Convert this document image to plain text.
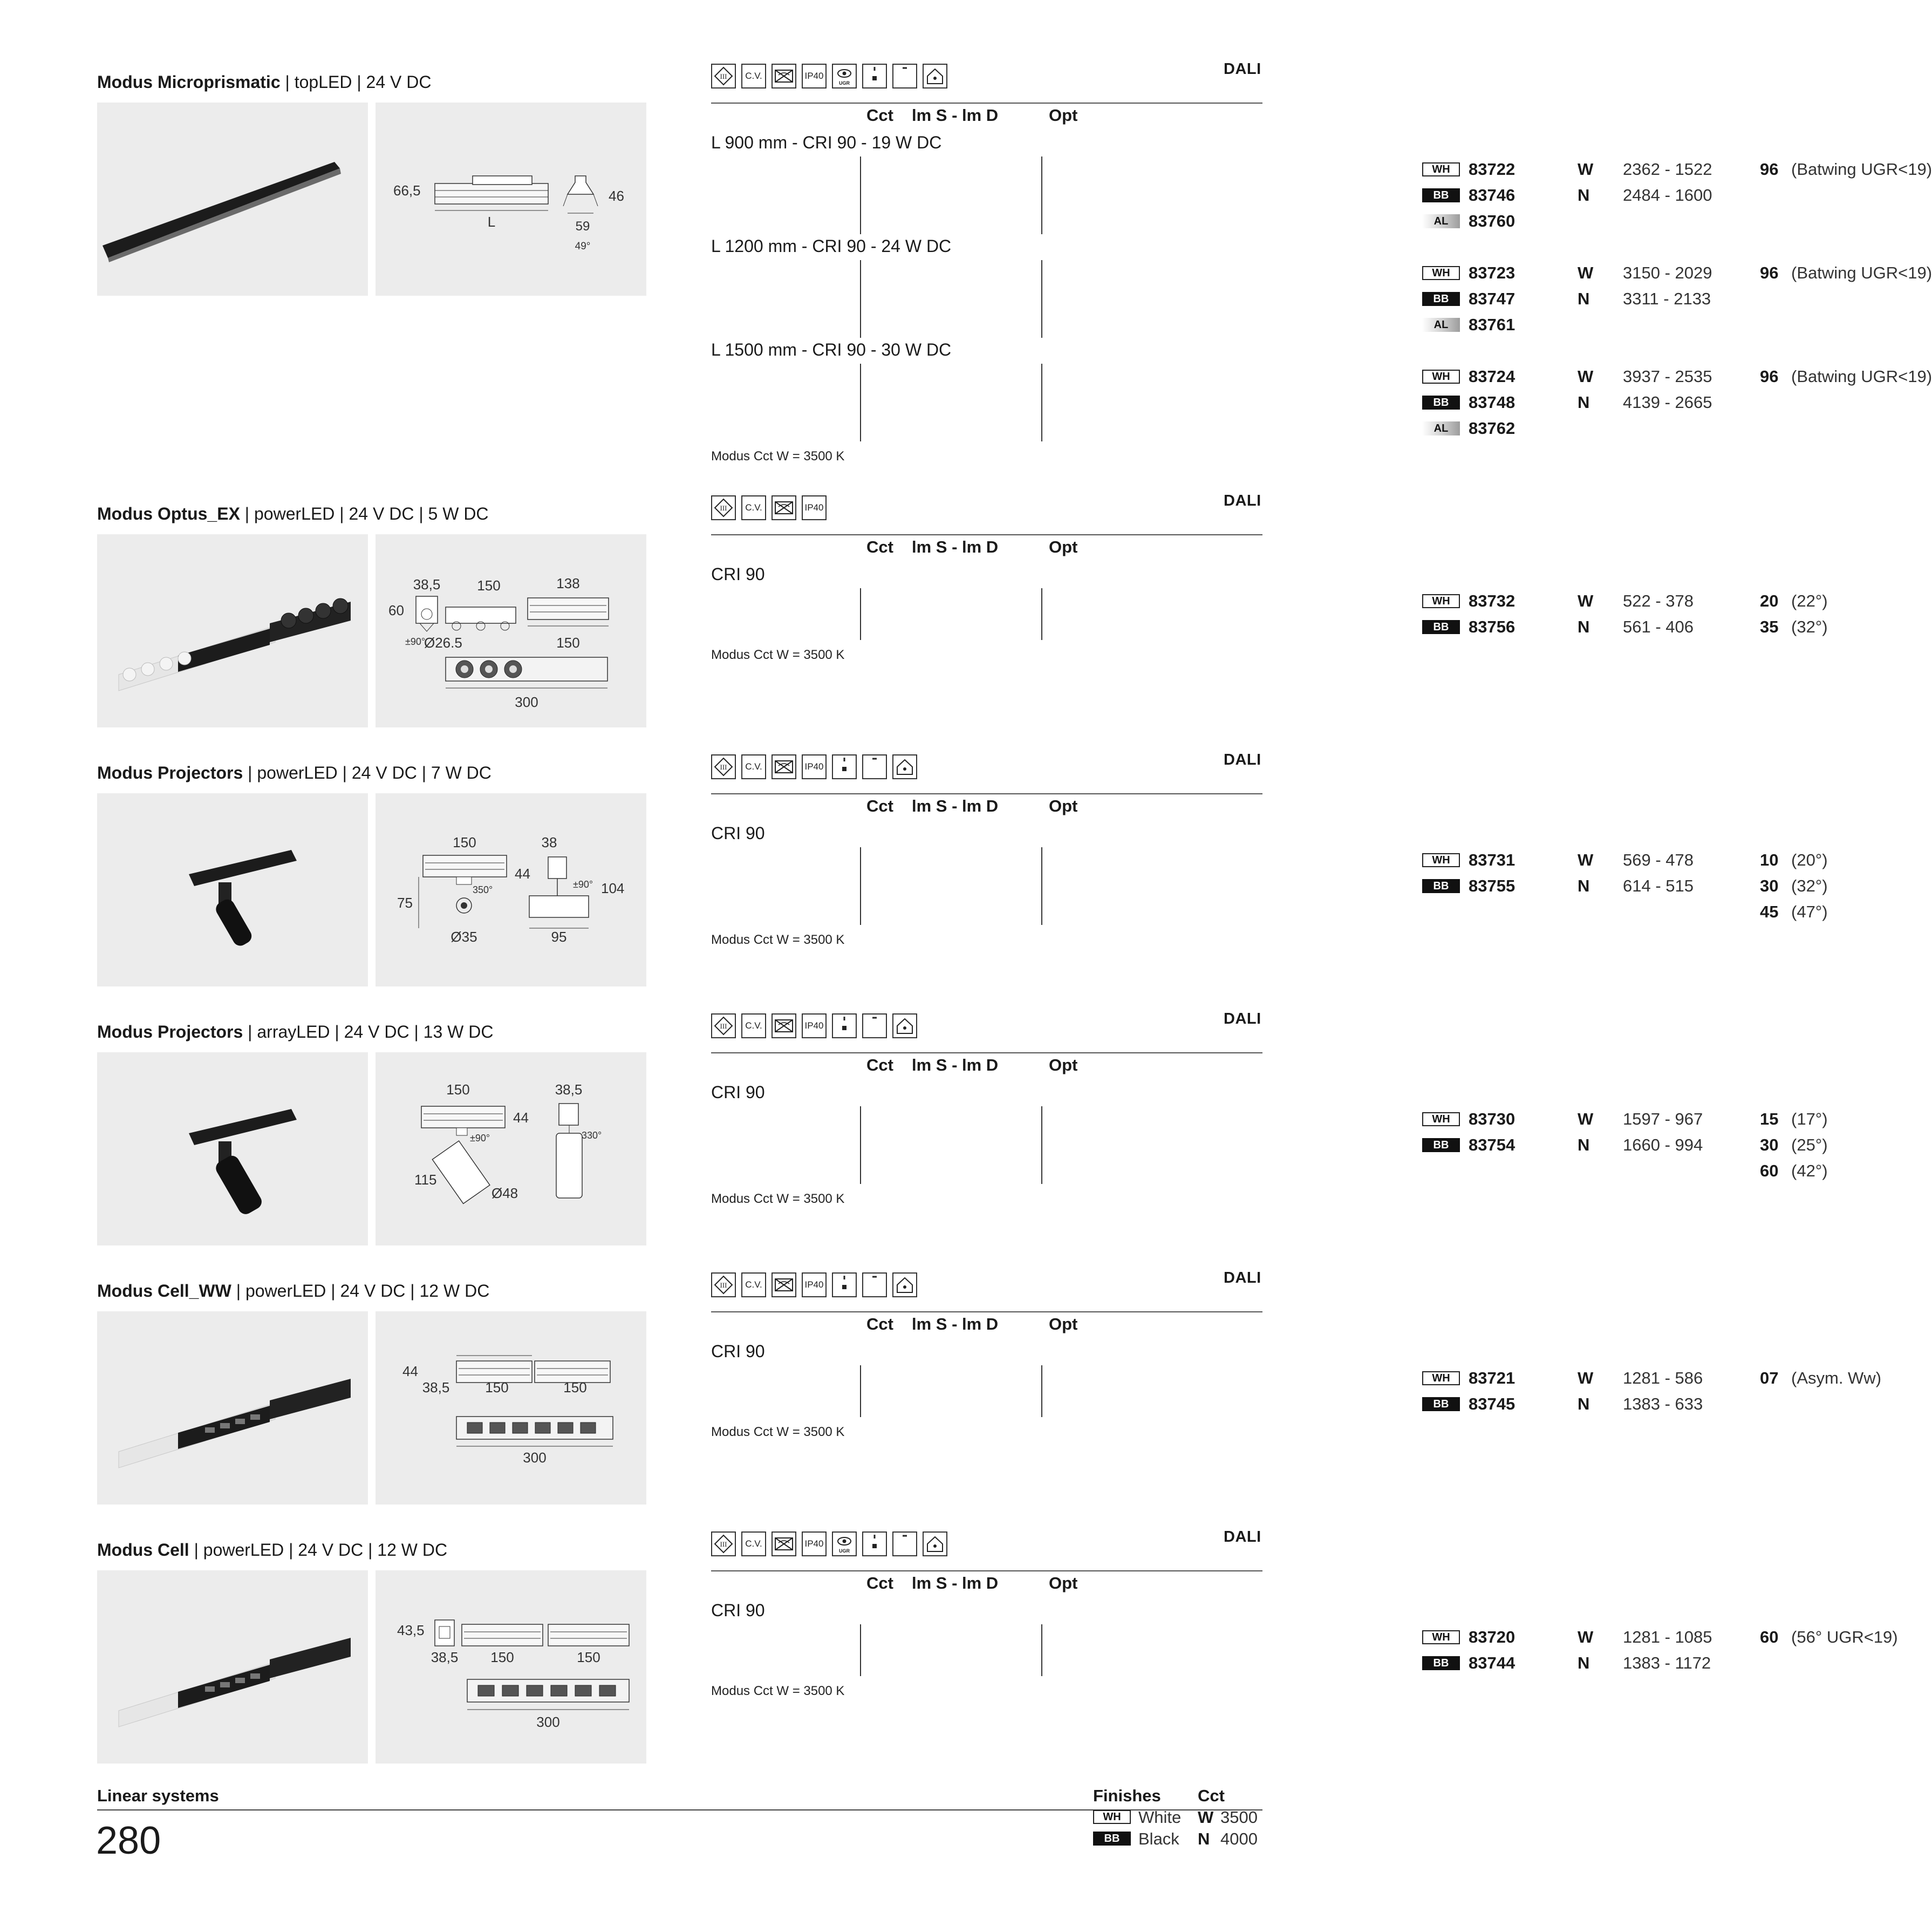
Modus Microprismatic | topLED | 24 V DC
66,5	46
L	59
49°
III	C.V.	☒ IP40
UGR
DALI
Cct lm S - lm D	Opt
L 900 mm - CRI 90 - 19 W DC
WH	83722	W 2362 - 1522	96 (Batwing UGR<19)
BB	83746	N 2484 - 1600
AL	83760
L 1200 mm - CRI 90 - 24 W DC
WH	83723	W 3150 - 2029	96 (Batwing UGR<19)
BB	83747	N 3311 - 2133
AL	83761
L 1500 mm - CRI 90 - 30 W DC
WH	83724	W 3937 - 2535	96 (Batwing UGR<19)
BB	83748	N 4139 - 2665
AL	83762
Modus Cct W = 3500 K
Modus Optus_EX | powerLED | 24 V DC | 5 W DC
38,5	150	138
60
±90°
Ø26.5	150
300
III	C.V.	☒ IP40	DALI
Cct lm S - lm D	Opt
CRI 90
WH	83732	W 522 - 378	20 (22°)
BB	83756	N 561 - 406	35 (32°)
Modus Cct W = 3500 K
Modus Projectors | powerLED | 24 V DC | 7 W DC
150	38
44
±90° 104
75
350°
Ø35	95
III	C.V.	☒ IP40	DALI
Cct lm S - lm D	Opt
CRI 90
WH	83731	W 569 - 478	10 (20°)
BB	83755	N 614 - 515	30 (32°)
45 (47°)
Modus Cct W = 3500 K
Modus Projectors | arrayLED | 24 V DC | 13 W DC
150	38,5
44
±90°	330°
115
Ø48
III	C.V.	☒ IP40	DALI
Cct lm S - lm D	Opt
CRI 90
WH	83730	W 1597 - 967	15 (17°)
BB	83754	N 1660 - 994	30 (25°)
60 (42°)
Modus Cct W = 3500 K
Modus Cell_WW | powerLED | 24 V DC | 12 W DC
44
38,5	150	150
300
III	C.V.	☒ IP40	DALI
Cct lm S - lm D	Opt
CRI 90
WH	83721	W 1281 - 586	07 (Asym. Ww)
BB	83745	N 1383 - 633
Modus Cct W = 3500 K
Modus Cell | powerLED | 24 V DC | 12 W DC
43,5
38,5 150	150
300
III	C.V.	☒ IP40
UGR
DALI
Cct lm S - lm D	Opt
CRI 90
WH	83720	W 1281 - 1085	60 (56° UGR<19)
BB	83744	N 1383 - 1172
Modus Cct W = 3500 K
Linear systems
280
Finishes Cct
WH	White W 3500
BB	Black N 4000
